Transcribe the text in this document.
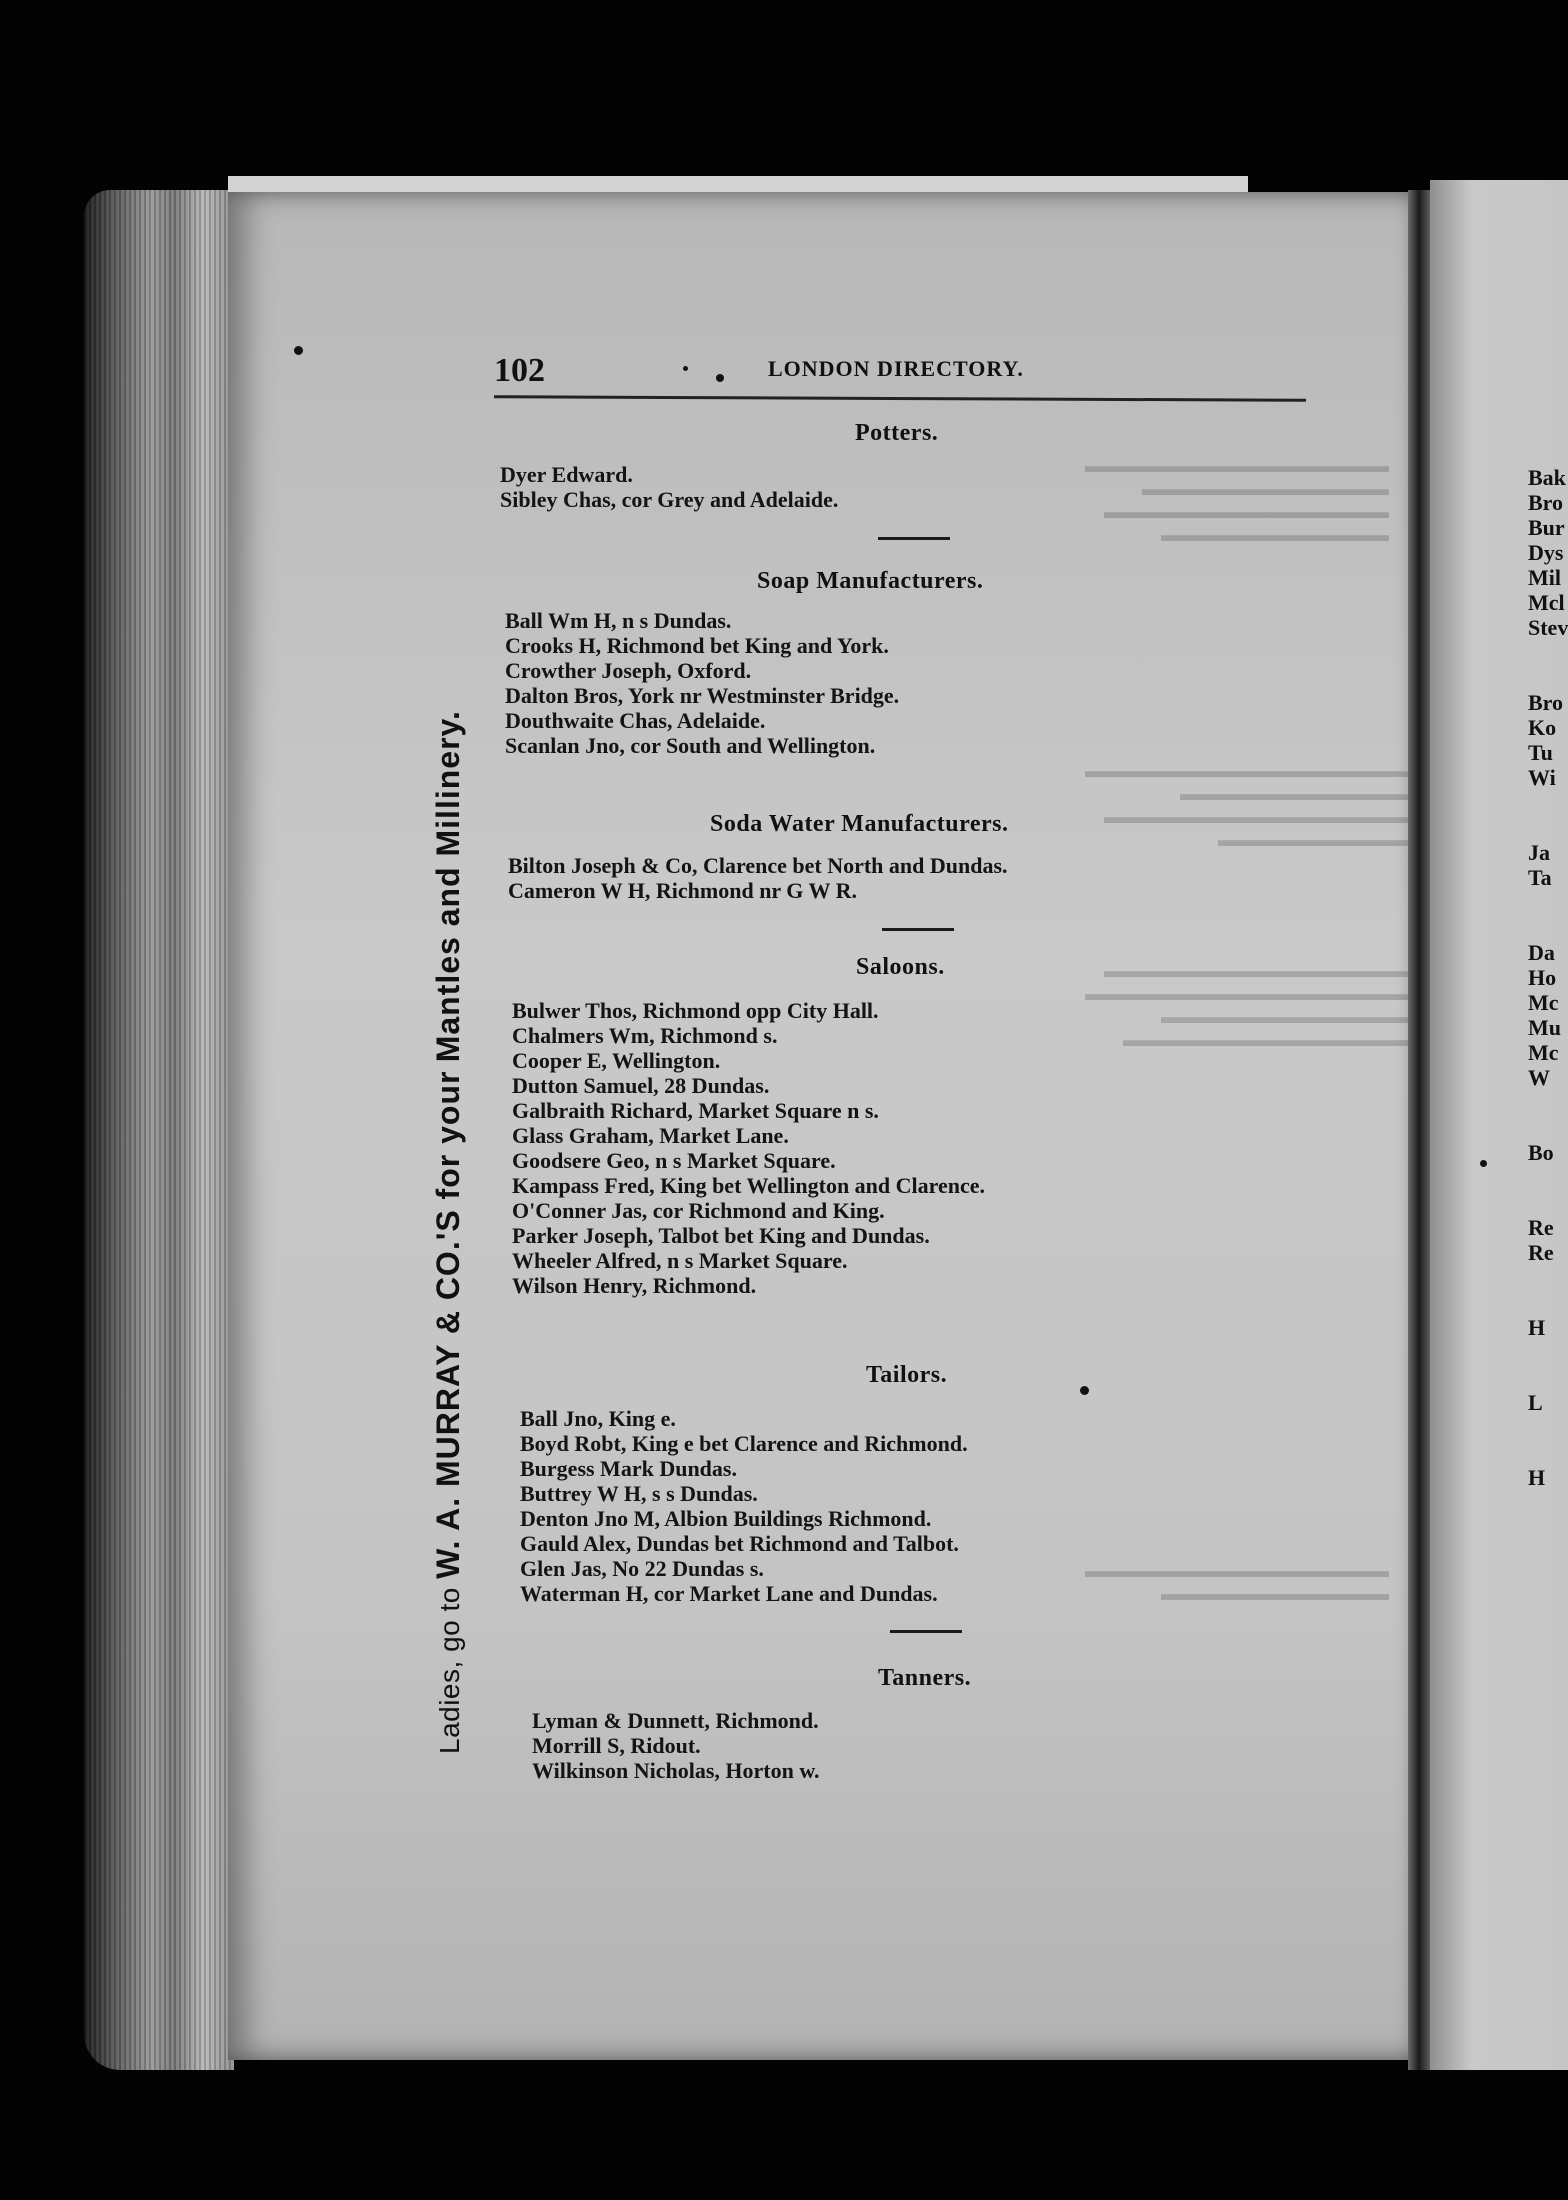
Bak
Bro
Bur
Dys
Mil
Mcl
Stev

Bro
Ko
Tu
Wi

Ja
Ta

Da
Ho
Mc
Mu
Mc
W

Bo

Re
Re

H

L

H
▬▬▬▬▬▬▬▬▬▬▬▬▬▬▬▬
▬▬▬▬▬▬▬▬▬▬▬▬▬
▬▬▬▬▬▬▬▬▬▬▬▬▬▬▬
▬▬▬▬▬▬▬▬▬▬▬▬
▬▬▬▬▬▬▬▬▬▬▬▬▬▬▬▬▬
▬▬▬▬▬▬▬▬▬▬▬▬
▬▬▬▬▬▬▬▬▬▬▬▬▬▬▬▬
▬▬▬▬▬▬▬▬▬▬
▬▬▬▬▬▬▬▬▬▬▬▬▬▬▬▬
▬▬▬▬▬▬▬▬▬▬▬▬▬▬▬▬▬
▬▬▬▬▬▬▬▬▬▬▬▬▬
▬▬▬▬▬▬▬▬▬▬▬▬▬▬▬
▬▬▬▬▬▬▬▬▬▬▬▬▬▬▬▬
▬▬▬▬▬▬▬▬▬▬▬▬
102	LONDON DIRECTORY.
Ladies, go to W. A. MURRAY & CO.'S for your Mantles and Millinery.
Potters.
Dyer Edward.
Sibley Chas, cor Grey and Adelaide.
Soap Manufacturers.
Ball Wm H, n s Dundas.
Crooks H, Richmond bet King and York.
Crowther Joseph, Oxford.
Dalton Bros, York nr Westminster Bridge.
Douthwaite Chas, Adelaide.
Scanlan Jno, cor South and Wellington.
Soda Water Manufacturers.
Bilton Joseph & Co, Clarence bet North and Dundas.
Cameron W H, Richmond nr G W R.
Saloons.
Bulwer Thos, Richmond opp City Hall.
Chalmers Wm, Richmond s.
Cooper E, Wellington.
Dutton Samuel, 28 Dundas.
Galbraith Richard, Market Square n s.
Glass Graham, Market Lane.
Goodsere Geo, n s Market Square.
Kampass Fred, King bet Wellington and Clarence.
O'Conner Jas, cor Richmond and King.
Parker Joseph, Talbot bet King and Dundas.
Wheeler Alfred, n s Market Square.
Wilson Henry, Richmond.
Tailors.
Ball Jno, King e.
Boyd Robt, King e bet Clarence and Richmond.
Burgess Mark Dundas.
Buttrey W H, s s Dundas.
Denton Jno M, Albion Buildings Richmond.
Gauld Alex, Dundas bet Richmond and Talbot.
Glen Jas, No 22 Dundas s.
Waterman H, cor Market Lane and Dundas.
Tanners.
Lyman & Dunnett, Richmond.
Morrill S, Ridout.
Wilkinson Nicholas, Horton w.
